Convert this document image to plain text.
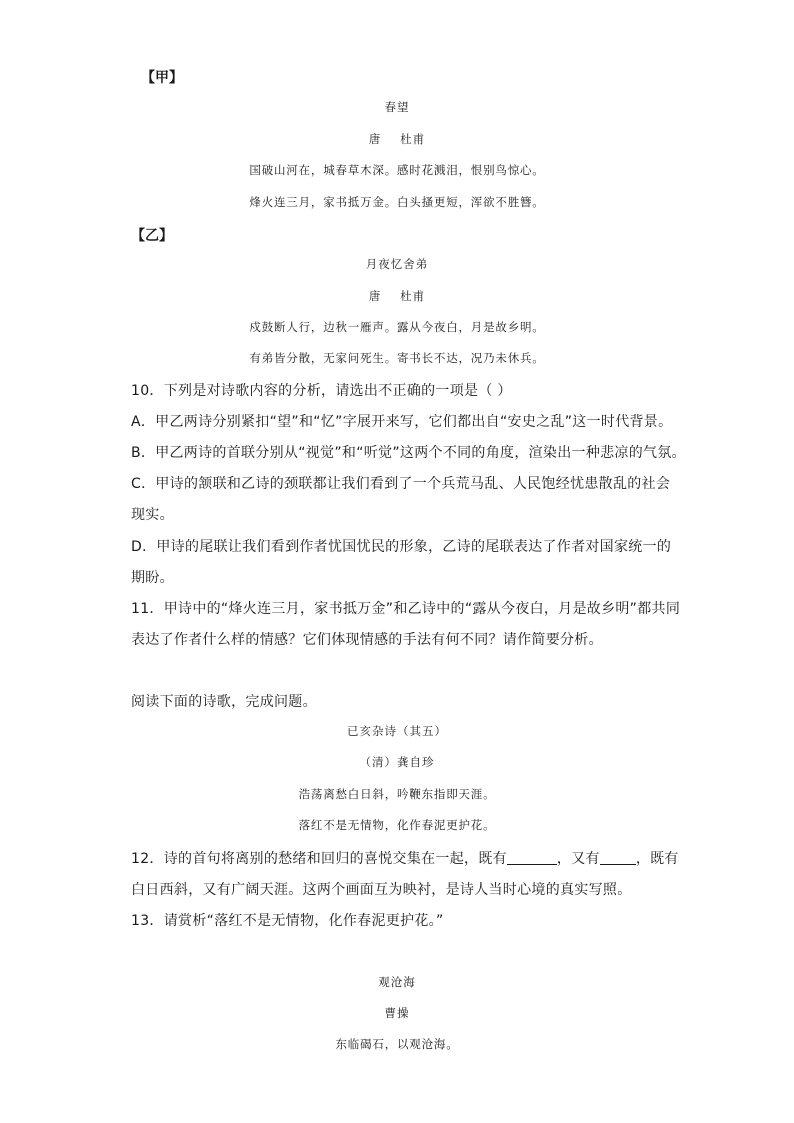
【甲】
春望
唐 杜甫
国破山河在，城春草木深。感时花溅泪，恨别鸟惊心。
烽火连三月，家书抵万金。白头搔更短，浑欲不胜簪。
【乙】
月夜忆舍弟
唐 杜甫
戍鼓断人行，边秋一雁声。露从今夜白，月是故乡明。
有弟皆分散，无家问死生。寄书长不达，况乃未休兵。
10．下列是对诗歌内容的分析，请选出不正确的一项是（ ）
A．甲乙两诗分别紧扣“望”和“忆”字展开来写，它们都出自“安史之乱”这一时代背景。
B．甲乙两诗的首联分别从“视觉”和“听觉”这两个不同的角度，渲染出一种悲凉的气氛。
C．甲诗的颔联和乙诗的颈联都让我们看到了一个兵荒马乱、人民饱经忧患散乱的社会
现实。
D．甲诗的尾联让我们看到作者忧国忧民的形象，乙诗的尾联表达了作者对国家统一的
期盼。
11．甲诗中的“烽火连三月，家书抵万金”和乙诗中的“露从今夜白，月是故乡明”都共同
表达了作者什么样的情感？它们体现情感的手法有何不同？请作简要分析。
阅读下面的诗歌，完成问题。
已亥杂诗（其五）
（清）龚自珍
浩荡离愁白日斜，吟鞭东指即天涯。
落红不是无情物，化作春泥更护花。
12．诗的首句将离别的愁绪和回归的喜悦交集在一起，既有	，又有	，既有
白日西斜，又有广阔天涯。这两个画面互为映衬，是诗人当时心境的真实写照。
13．请赏析“落红不是无情物，化作春泥更护花。”
观沧海
曹操
东临碣石，以观沧海。
